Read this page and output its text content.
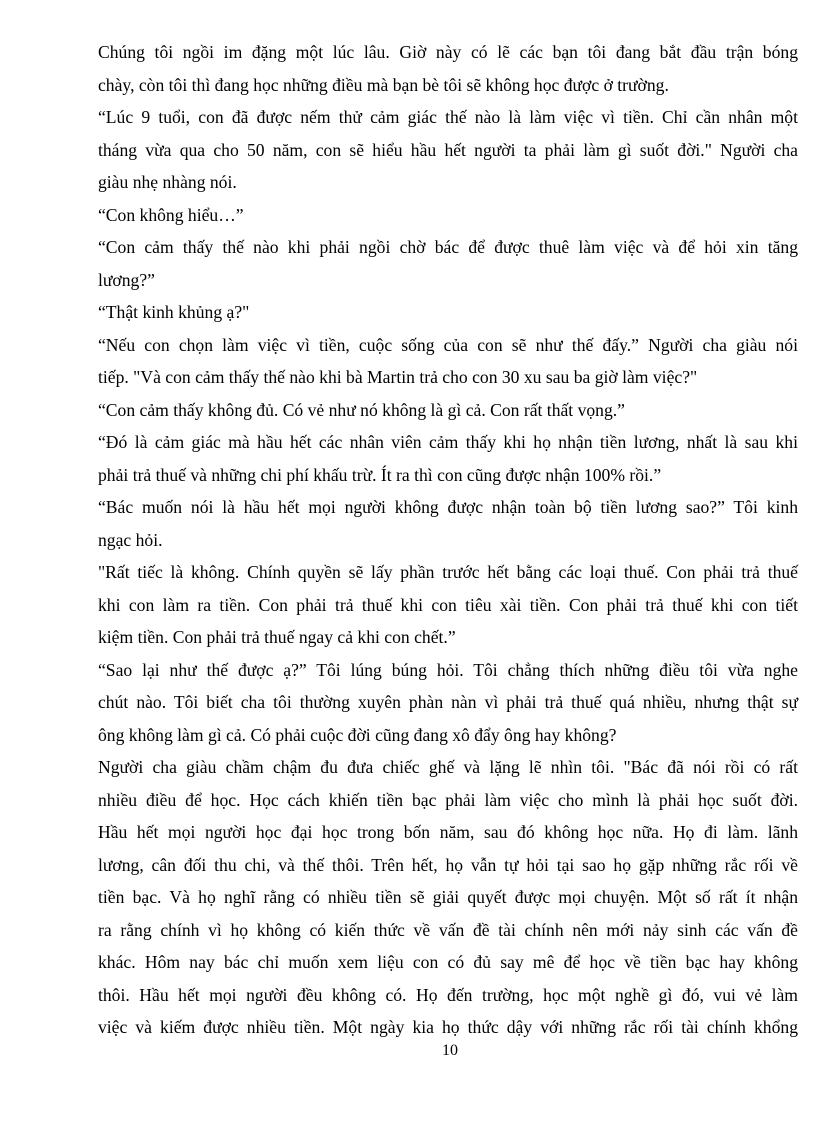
Chúng tôi ngồi im đặng một lúc lâu. Giờ này có lẽ các bạn tôi đang bắt đầu trận bóng
chày, còn tôi thì đang học những điều mà bạn bè tôi sẽ không học được ở trường.
“Lúc 9 tuổi, con đã được nếm thử cảm giác thế nào là làm việc vì tiền. Chỉ cần nhân một
tháng vừa qua cho 50 năm, con sẽ hiểu hầu hết người ta phải làm gì suốt đời." Người cha
giàu nhẹ nhàng nói.
“Con không hiểu…”
“Con cảm thấy thế nào khi phải ngồi chờ bác để được thuê làm việc và để hỏi xin tăng
lương?”
“Thật kinh khủng ạ?"
“Nếu con chọn làm việc vì tiền, cuộc sống của con sẽ như thế đấy.” Người cha giàu nói
tiếp. "Và con cảm thấy thế nào khi bà Martin trả cho con 30 xu sau ba giờ làm việc?"
“Con cảm thấy không đủ. Có vẻ như nó không là gì cả. Con rất thất vọng.”
“Đó là cảm giác mà hầu hết các nhân viên cảm thấy khi họ nhận tiền lương, nhất là sau khi
phải trả thuế và những chi phí khấu trừ. Ít ra thì con cũng được nhận 100% rồi.”
“Bác muốn nói là hầu hết mọi người không được nhận toàn bộ tiền lương sao?” Tôi kinh
ngạc hỏi.
"Rất tiếc là không. Chính quyền sẽ lấy phần trước hết bằng các loại thuế. Con phải trả thuế
khi con làm ra tiền. Con phải trả thuế khi con tiêu xài tiền. Con phải trả thuế khi con tiết
kiệm tiền. Con phải trả thuế ngay cả khi con chết.”
“Sao lại như thế được ạ?” Tôi lúng búng hỏi. Tôi chẳng thích những điều tôi vừa nghe
chút nào. Tôi biết cha tôi thường xuyên phàn nàn vì phải trả thuế quá nhiều, nhưng thật sự
ông không làm gì cả. Có phải cuộc đời cũng đang xô đẩy ông hay không?
Người cha giàu chầm chậm đu đưa chiếc ghế và lặng lẽ nhìn tôi. "Bác đã nói rồi có rất
nhiều điều để học. Học cách khiến tiền bạc phải làm việc cho mình là phải học suốt đời.
Hầu hết mọi người học đại học trong bốn năm, sau đó không học nữa. Họ đi làm. lãnh
lương, cân đối thu chi, và thế thôi. Trên hết, họ vẫn tự hỏi tại sao họ gặp những rắc rối về
tiền bạc. Và họ nghĩ rằng có nhiều tiền sẽ giải quyết được mọi chuyện. Một số rất ít nhận
ra rằng chính vì họ không có kiến thức về vấn đề tài chính nên mới nảy sinh các vấn đề
khác. Hôm nay bác chỉ muốn xem liệu con có đủ say mê để học về tiền bạc hay không
thôi. Hầu hết mọi người đều không có. Họ đến trường, học một nghề gì đó, vui vẻ làm
việc và kiếm được nhiều tiền. Một ngày kia họ thức dậy với những rắc rối tài chính khổng
10
